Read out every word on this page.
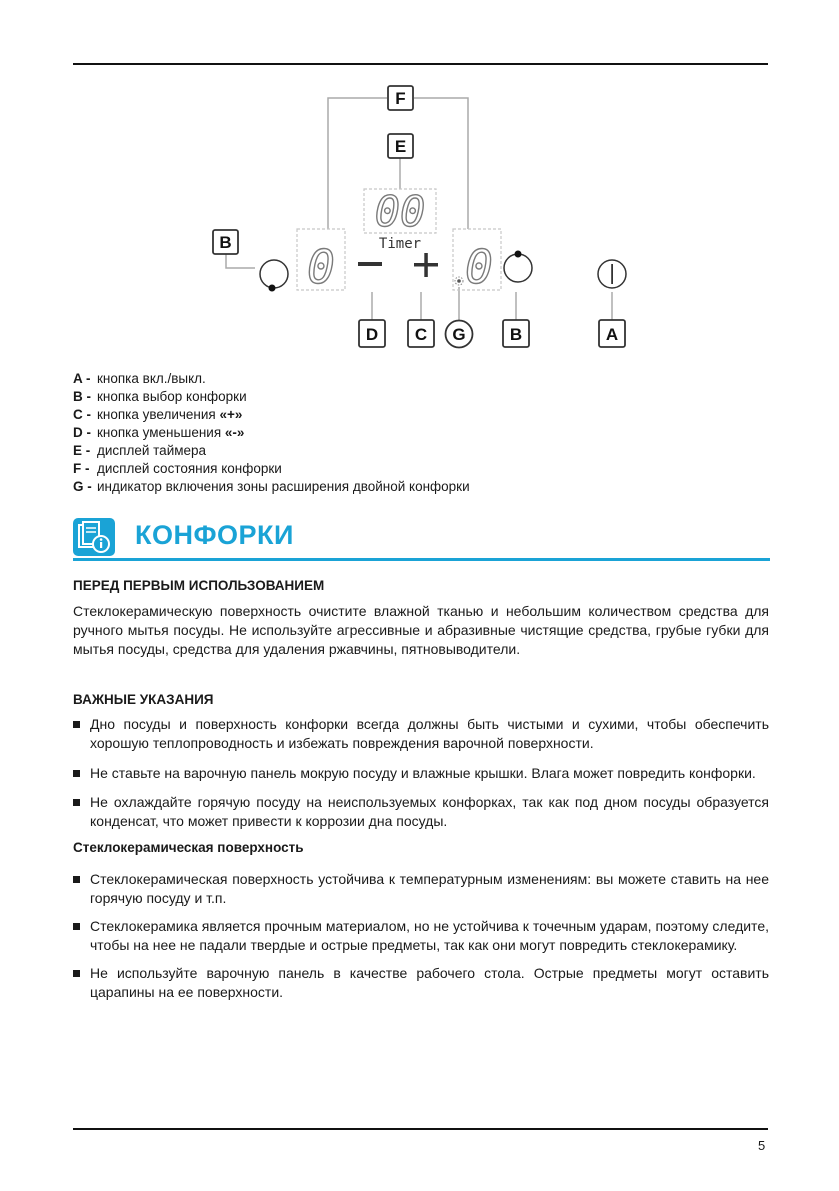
00
Timer
0	0
F
E
B
D C G	B	A
A - кнопка вкл./выкл.
B - кнопка выбор конфорки
C - кнопка увеличения «+»
D - кнопка уменьшения «-»
E - дисплей таймера
F - дисплей состояния конфорки
G - индикатор включения зоны расширения двойной конфорки
КОНФОРКИ
ПЕРЕД ПЕРВЫМ ИСПОЛЬЗОВАНИЕМ
Стеклокерамическую поверхность очистите влажной тканью и небольшим количеством средства для ручного мытья посуды. Не используйте агрессивные и абразивные чистящие средства, грубые губки для мытья посуды, средства для удаления ржавчины, пятновыводители.
ВАЖНЫЕ УКАЗАНИЯ
Дно посуды и поверхность конфорки всегда должны быть чистыми и сухими, чтобы обеспечить хорошую теплопроводность и избежать повреждения варочной поверхности.
Не ставьте на варочную панель мокрую посуду и влажные крышки. Влага может повредить конфорки.
Не охлаждайте горячую посуду на неиспользуемых конфорках, так как под дном посуды образуется конденсат, что может привести к коррозии дна посуды.
Стеклокерамическая поверхность
Стеклокерамическая поверхность устойчива к температурным изменениям: вы можете ставить на нее горячую посуду и т.п.
Стеклокерамика является прочным материалом, но не устойчива к точечным ударам, поэтому следите, чтобы на нее не падали твердые и острые предметы, так как они могут повредить стеклокерамику.
Не используйте варочную панель в качестве рабочего стола. Острые предметы могут оставить царапины на ее поверхности.
5
